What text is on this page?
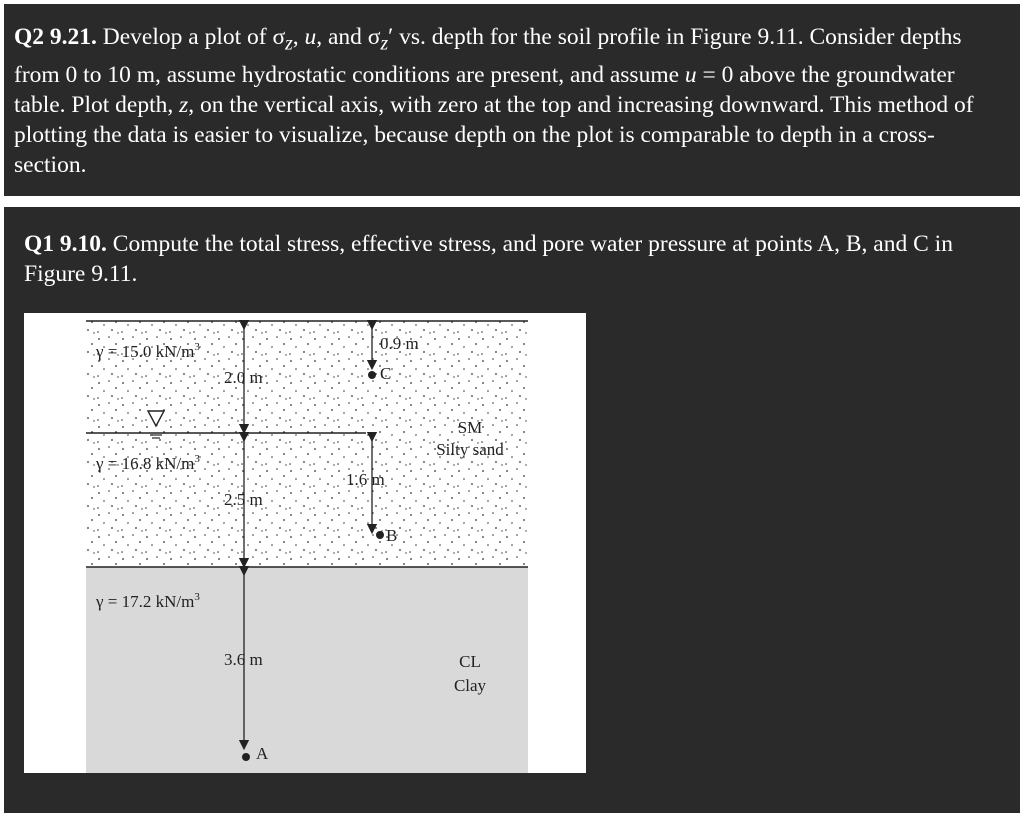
Q2 9.21. Develop a plot of $\sigma_z$, u, and $\sigma_z'$ vs. depth for the soil profile in Figure 9.11. Consider depths from 0 to 10 m, assume hydrostatic conditions are present, and assume u = 0 above the groundwater table. Plot depth, z, on the vertical axis, with zero at the top and increasing downward. This method of plotting the data is easier to visualize, because depth on the plot is comparable to depth in a cross-section.
Q1 9.10. Compute the total stress, effective stress, and pore water pressure at points A, B, and C in Figure 9.11.
γ = 15.0 $kN/m^3$
γ = 16.8 $kN/m^3$
γ = 17.2 $kN/m^3$
2.0 m
2.5 m
3.6 m
0.9 m
1.6 m
C
B
A
SM
Silty sand
CL
Clay
